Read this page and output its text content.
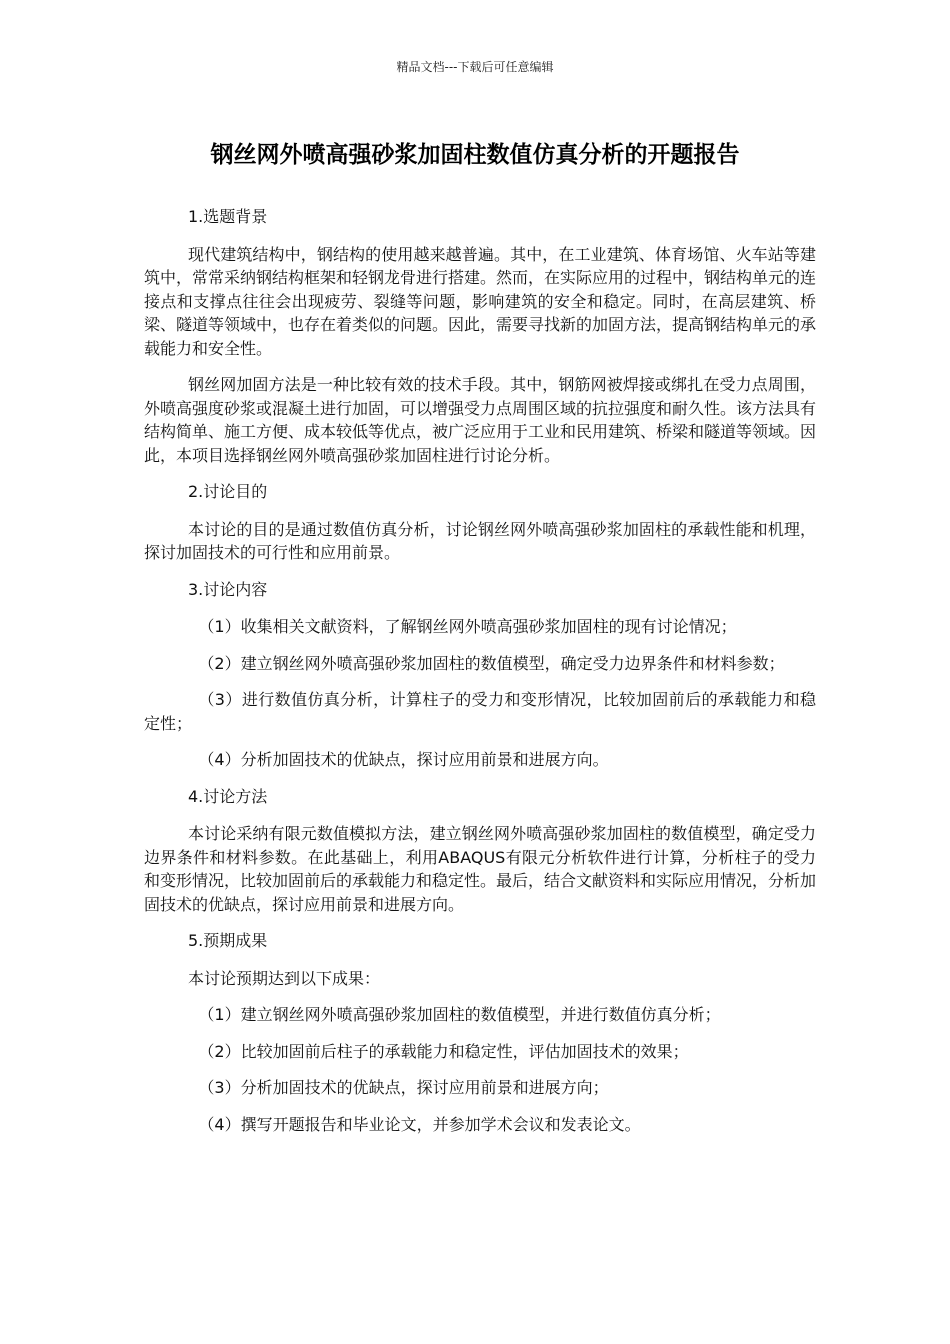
精品文档---下载后可任意编辑
钢丝网外喷高强砂浆加固柱数值仿真分析的开题报告

1.选题背景

现代建筑结构中，钢结构的使用越来越普遍。其中，在工业建筑、体育场馆、火车站等建筑中，常常采纳钢结构框架和轻钢龙骨进行搭建。然而，在实际应用的过程中，钢结构单元的连接点和支撑点往往会出现疲劳、裂缝等问题，影响建筑的安全和稳定。同时，在高层建筑、桥梁、隧道等领域中，也存在着类似的问题。因此，需要寻找新的加固方法，提高钢结构单元的承载能力和安全性。

钢丝网加固方法是一种比较有效的技术手段。其中，钢筋网被焊接或绑扎在受力点周围，外喷高强度砂浆或混凝土进行加固，可以增强受力点周围区域的抗拉强度和耐久性。该方法具有结构简单、施工方便、成本较低等优点，被广泛应用于工业和民用建筑、桥梁和隧道等领域。因此，本项目选择钢丝网外喷高强砂浆加固柱进行讨论分析。

2.讨论目的

本讨论的目的是通过数值仿真分析，讨论钢丝网外喷高强砂浆加固柱的承载性能和机理，探讨加固技术的可行性和应用前景。

3.讨论内容

（1）收集相关文献资料，了解钢丝网外喷高强砂浆加固柱的现有讨论情况；

（2）建立钢丝网外喷高强砂浆加固柱的数值模型，确定受力边界条件和材料参数；

（3）进行数值仿真分析，计算柱子的受力和变形情况，比较加固前后的承载能力和稳定性；

（4）分析加固技术的优缺点，探讨应用前景和进展方向。

4.讨论方法

本讨论采纳有限元数值模拟方法，建立钢丝网外喷高强砂浆加固柱的数值模型，确定受力边界条件和材料参数。在此基础上，利用ABAQUS有限元分析软件进行计算，分析柱子的受力和变形情况，比较加固前后的承载能力和稳定性。最后，结合文献资料和实际应用情况，分析加固技术的优缺点，探讨应用前景和进展方向。

5.预期成果

本讨论预期达到以下成果：

（1）建立钢丝网外喷高强砂浆加固柱的数值模型，并进行数值仿真分析；

（2）比较加固前后柱子的承载能力和稳定性，评估加固技术的效果；

（3）分析加固技术的优缺点，探讨应用前景和进展方向；

（4）撰写开题报告和毕业论文，并参加学术会议和发表论文。
